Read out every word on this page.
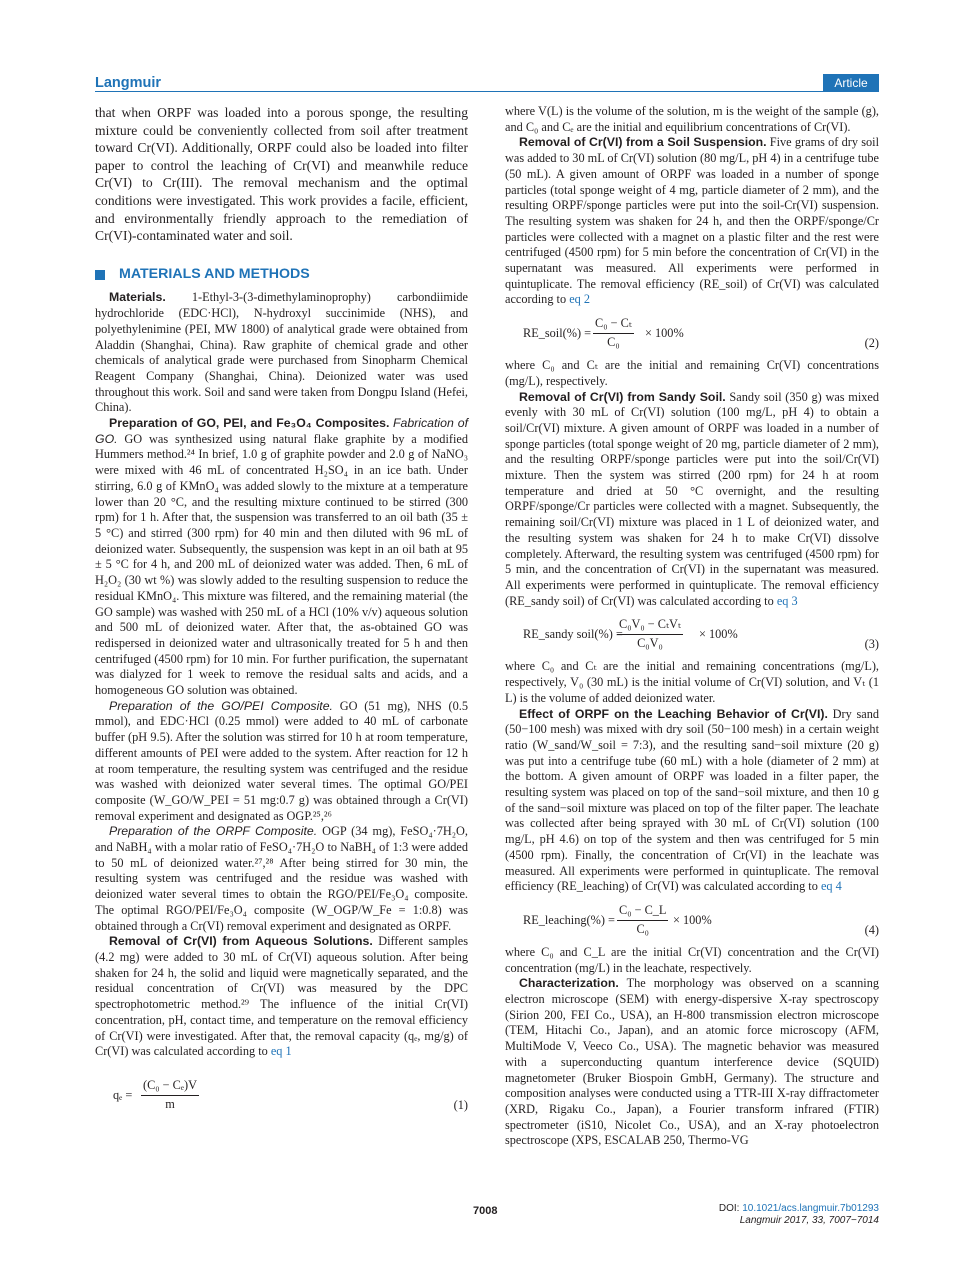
Langmuir	Article

that when ORPF was loaded into a porous sponge, the resulting mixture could be conveniently collected from soil after treatment toward Cr(VI). Additionally, ORPF could also be loaded into filter paper to control the leaching of Cr(VI) and meanwhile reduce Cr(VI) to Cr(III). The removal mechanism and the optimal conditions were investigated. This work provides a facile, efficient, and environmentally friendly approach to the remediation of Cr(VI)-contaminated water and soil.

MATERIALS AND METHODS

Materials. 1-Ethyl-3-(3-dimethylaminoprophy) carbondiimide hydrochloride (EDC·HCl), N-hydroxyl succinimide (NHS), and polyethylenimine (PEI, MW 1800) of analytical grade were obtained from Aladdin (Shanghai, China). Raw graphite of chemical grade and other chemicals of analytical grade were purchased from Sinopharm Chemical Reagent Company (Shanghai, China). Deionized water was used throughout this work. Soil and sand were taken from Dongpu Island (Hefei, China).

Preparation of GO, PEI, and Fe₃O₄ Composites. Fabrication of GO. GO was synthesized using natural flake graphite by a modified Hummers method.²⁴ In brief, 1.0 g of graphite powder and 2.0 g of NaNO₃ were mixed with 46 mL of concentrated H₂SO₄ in an ice bath. Under stirring, 6.0 g of KMnO₄ was added slowly to the mixture at a temperature lower than 20 °C, and the resulting mixture continued to be stirred (300 rpm) for 1 h. After that, the suspension was transferred to an oil bath (35 ± 5 °C) and stirred (300 rpm) for 40 min and then diluted with 96 mL of deionized water. Subsequently, the suspension was kept in an oil bath at 95 ± 5 °C for 4 h, and 200 mL of deionized water was added. Then, 6 mL of H₂O₂ (30 wt %) was slowly added to the resulting suspension to reduce the residual KMnO₄. This mixture was filtered, and the remaining material (the GO sample) was washed with 250 mL of a HCl (10% v/v) aqueous solution and 500 mL of deionized water. After that, the as-obtained GO was redispersed in deionized water and ultrasonically treated for 5 h and then centrifuged (4500 rpm) for 10 min. For further purification, the supernatant was dialyzed for 1 week to remove the residual salts and acids, and a homogeneous GO solution was obtained.

Preparation of the GO/PEI Composite. GO (51 mg), NHS (0.5 mmol), and EDC·HCl (0.25 mmol) were added to 40 mL of carbonate buffer (pH 9.5). After the solution was stirred for 10 h at room temperature, different amounts of PEI were added to the system. After reaction for 12 h at room temperature, the resulting system was centrifuged and the residue was washed with deionized water several times. The optimal GO/PEI composite (W_GO/W_PEI = 51 mg:0.7 g) was obtained through a Cr(VI) removal experiment and designated as OGP.²⁵,²⁶

Preparation of the ORPF Composite. OGP (34 mg), FeSO₄·7H₂O, and NaBH₄ with a molar ratio of FeSO₄·7H₂O to NaBH₄ of 1:3 were added to 50 mL of deionized water.²⁷,²⁸ After being stirred for 30 min, the resulting system was centrifuged and the residue was washed with deionized water several times to obtain the RGO/PEI/Fe₃O₄ composite. The optimal RGO/PEI/Fe₃O₄ composite (W_OGP/W_Fe = 1:0.8) was obtained through a Cr(VI) removal experiment and designated as ORPF.

Removal of Cr(VI) from Aqueous Solutions. Different samples (4.2 mg) were added to 30 mL of Cr(VI) aqueous solution. After being shaken for 24 h, the solid and liquid were magnetically separated, and the residual concentration of Cr(VI) was measured by the DPC spectrophotometric method.²⁹ The influence of the initial Cr(VI) concentration, pH, contact time, and temperature on the removal efficiency of Cr(VI) were investigated. After that, the removal capacity (qₑ, mg/g) of Cr(VI) was calculated according to eq 1

$q_e = \frac{\text{(C₀ − Cₑ)V}}{m}$	(1)

where V(L) is the volume of the solution, m is the weight of the sample (g), and C₀ and Cₑ are the initial and equilibrium concentrations of Cr(VI).

Removal of Cr(VI) from a Soil Suspension. Five grams of dry soil was added to 30 mL of Cr(VI) solution (80 mg/L, pH 4) in a centrifuge tube (50 mL). A given amount of ORPF was loaded in a number of sponge particles (total sponge weight of 4 mg, particle diameter of 2 mm), and the resulting ORPF/sponge particles were put into the soil-Cr(VI) suspension. The resulting system was shaken for 24 h, and then the ORPF/sponge/Cr particles were collected with a magnet on a plastic filter and the rest were centrifuged (4500 rpm) for 5 min before the concentration of Cr(VI) in the supernatant was measured. All experiments were performed in quintuplicate. The removal efficiency (RE_soil) of Cr(VI) was calculated according to eq 2

RE_soil(%) = $\frac{\text{C₀ − Cₜ}}{\text{C₀}} \times 100\%$
(2)

where C₀ and Cₜ are the initial and remaining Cr(VI) concentrations (mg/L), respectively.

Removal of Cr(VI) from Sandy Soil. Sandy soil (350 g) was mixed evenly with 30 mL of Cr(VI) solution (100 mg/L, pH 4) to obtain a soil/Cr(VI) mixture. A given amount of ORPF was loaded in a number of sponge particles (total sponge weight of 20 mg, particle diameter of 2 mm), and the resulting ORPF/sponge particles were put into the soil/Cr(VI) mixture. Then the system was stirred (200 rpm) for 24 h at room temperature and dried at 50 °C overnight, and the resulting ORPF/sponge/Cr particles were collected with a magnet. Subsequently, the remaining soil/Cr(VI) mixture was placed in 1 L of deionized water, and the resulting system was shaken for 24 h to make Cr(VI) dissolve completely. Afterward, the resulting system was centrifuged (4500 rpm) for 5 min, and the concentration of Cr(VI) in the supernatant was measured. All experiments were performed in quintuplicate. The removal efficiency (RE_sandy soil) of Cr(VI) was calculated according to eq 3

RE_sandy soil(%) =
C₀V₀ − CₜVₜ
C₀V₀
× 100%
(3)

where C₀ and Cₜ are the initial and remaining concentrations (mg/L), respectively, V₀ (30 mL) is the initial volume of Cr(VI) solution, and Vₜ (1 L) is the volume of added deionized water.

Effect of ORPF on the Leaching Behavior of Cr(VI). Dry sand (50−100 mesh) was mixed with dry soil (50−100 mesh) in a certain weight ratio (W_sand/W_soil = 7:3), and the resulting sand−soil mixture (20 g) was put into a centrifuge tube (60 mL) with a hole (diameter of 2 mm) at the bottom. A given amount of ORPF was loaded in a filter paper, the resulting system was placed on top of the sand−soil mixture, and then 10 g of the sand−soil mixture was placed on top of the filter paper. The leachate was collected after being sprayed with 30 mL of Cr(VI) solution (100 mg/L, pH 4.6) on top of the system and then was centrifuged for 5 min (4500 rpm). Finally, the concentration of Cr(VI) in the leachate was measured. All experiments were performed in quintuplicate. The removal efficiency (RE_leaching) of Cr(VI) was calculated according to eq 4

RE_leaching(%) = $\frac{\text{C₀ − C\_L}}{\text{C₀}} \times 100\%$
(4)

where C₀ and C_L are the initial Cr(VI) concentration and the Cr(VI) concentration (mg/L) in the leachate, respectively.

Characterization. The morphology was observed on a scanning electron microscope (SEM) with energy-dispersive X-ray spectroscopy (Sirion 200, FEI Co., USA), an H-800 transmission electron microscope (TEM, Hitachi Co., Japan), and an atomic force microscopy (AFM, MultiMode V, Veeco Co., USA). The magnetic behavior was measured with a superconducting quantum interference device (SQUID) magnetometer (Bruker Biospoin GmbH, Germany). The structure and composition analyses were conducted using a TTR-III X-ray diffractometer (XRD, Rigaku Co., Japan), a Fourier transform infrared (FTIR) spectrometer (iS10, Nicolet Co., USA), and an X-ray photoelectron spectroscope (XPS, ESCALAB 250, Thermo-VG

7008	DOI: 10.1021/acs.langmuir.7b01293
Langmuir 2017, 33, 7007−7014
